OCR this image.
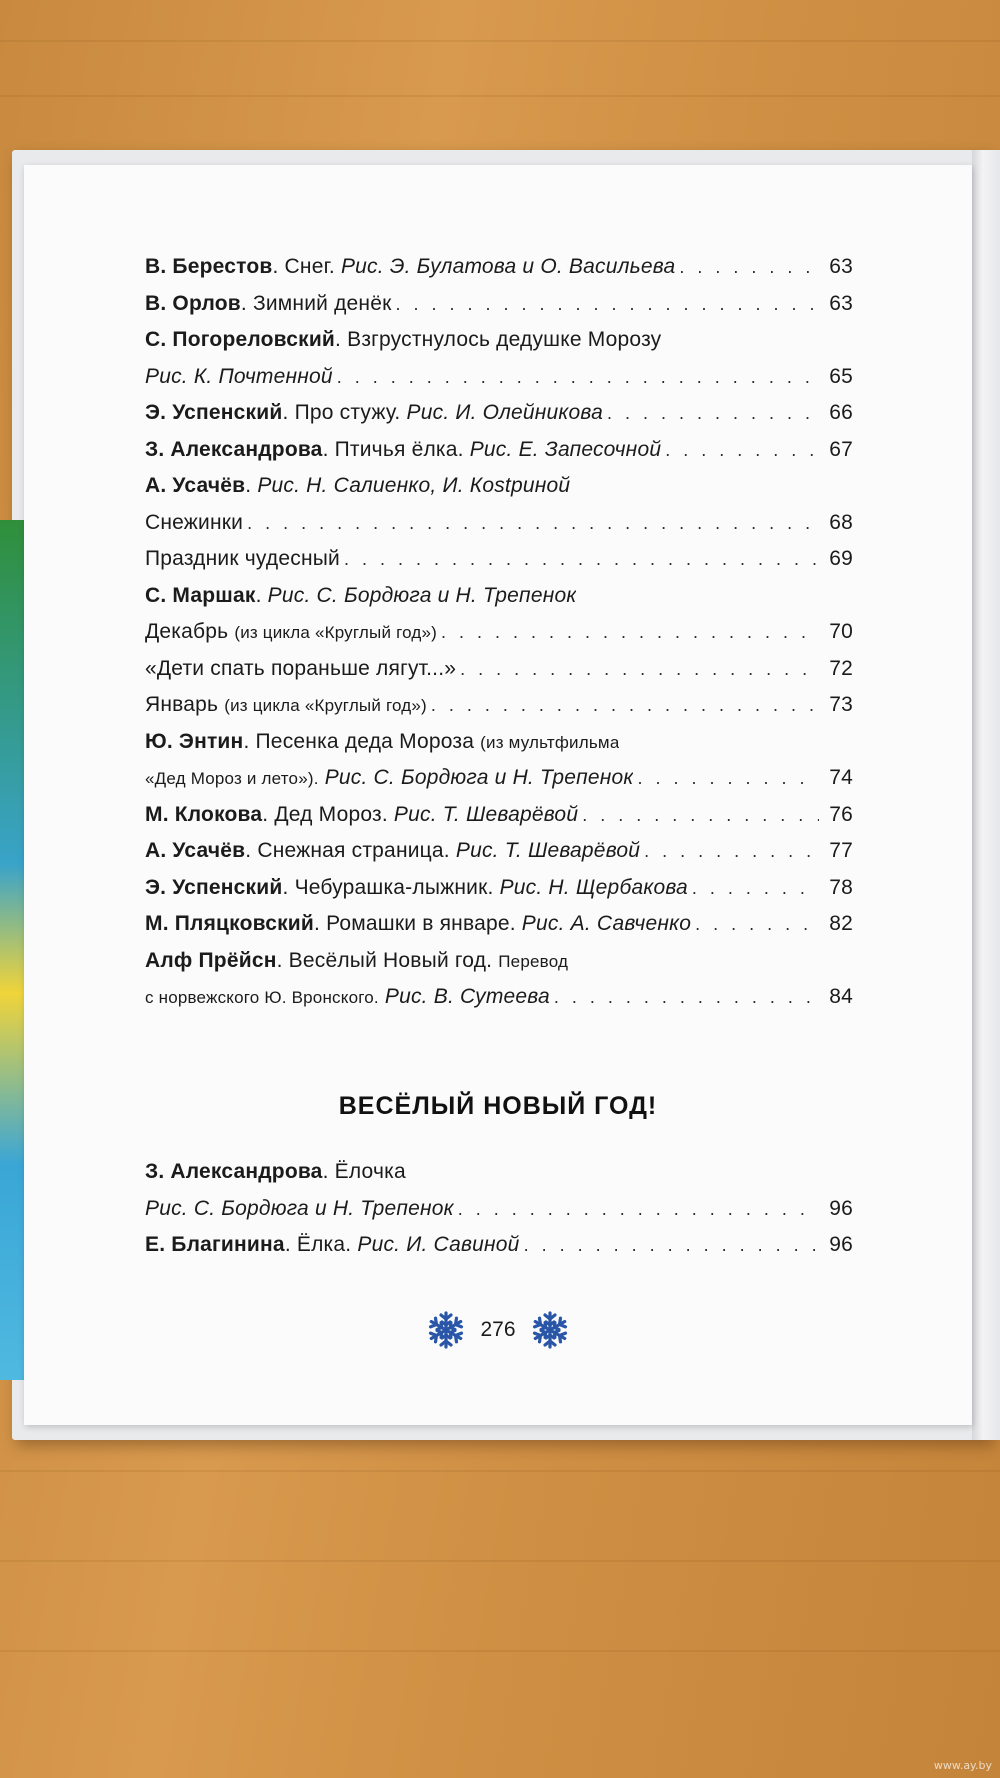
В. Берестов. Снег. Рис. Э. Булатова и О. Васильева . . .	63
В. Орлов. Зимний денёк . . .	63
С. Погореловский. Взгрустнулось дедушке Морозу
Рис. К. Почтенной . . .	65
Э. Успенский. Про стужу. Рис. И. Олейникова . . .	66
З. Александрова. Птичья ёлка. Рис. Е. Запесочной . . .	67
А. Усачёв. Рис. Н. Салиенко, И. Кostриной
Снежинки . . .	68
Праздник чудесный . . .	69
С. Маршак. Рис. С. Бордюга и Н. Трепенок
Декабрь (из цикла «Круглый год») . . .	70
«Дети спать пораньше лягут...» . . .	72
Январь (из цикла «Круглый год») . . .	73
Ю. Энтин. Песенка деда Мороза (из мультфильма
«Дед Мороз и лето»). Рис. С. Бордюга и Н. Трепенок . . .	74
М. Клокова. Дед Мороз. Рис. Т. Шеварёвой . . .	76
А. Усачёв. Снежная страница. Рис. Т. Шеварёвой . . .	77
Э. Успенский. Чебурашка-лыжник. Рис. Н. Щербакова . . .	78
М. Пляцковский. Ромашки в январе. Рис. А. Савченко . . .	82
Алф Прёйсн. Весёлый Новый год. Перевод
с норвежского Ю. Вронского. Рис. В. Сутеева . . .	84
ВЕСЁЛЫЙ НОВЫЙ ГОД!
З. Александрова. Ёлочка
Рис. С. Бордюга и Н. Трепенок . . .	96
Е. Благинина. Ёлка. Рис. И. Савиной . . .	96
276
www.ay.by
